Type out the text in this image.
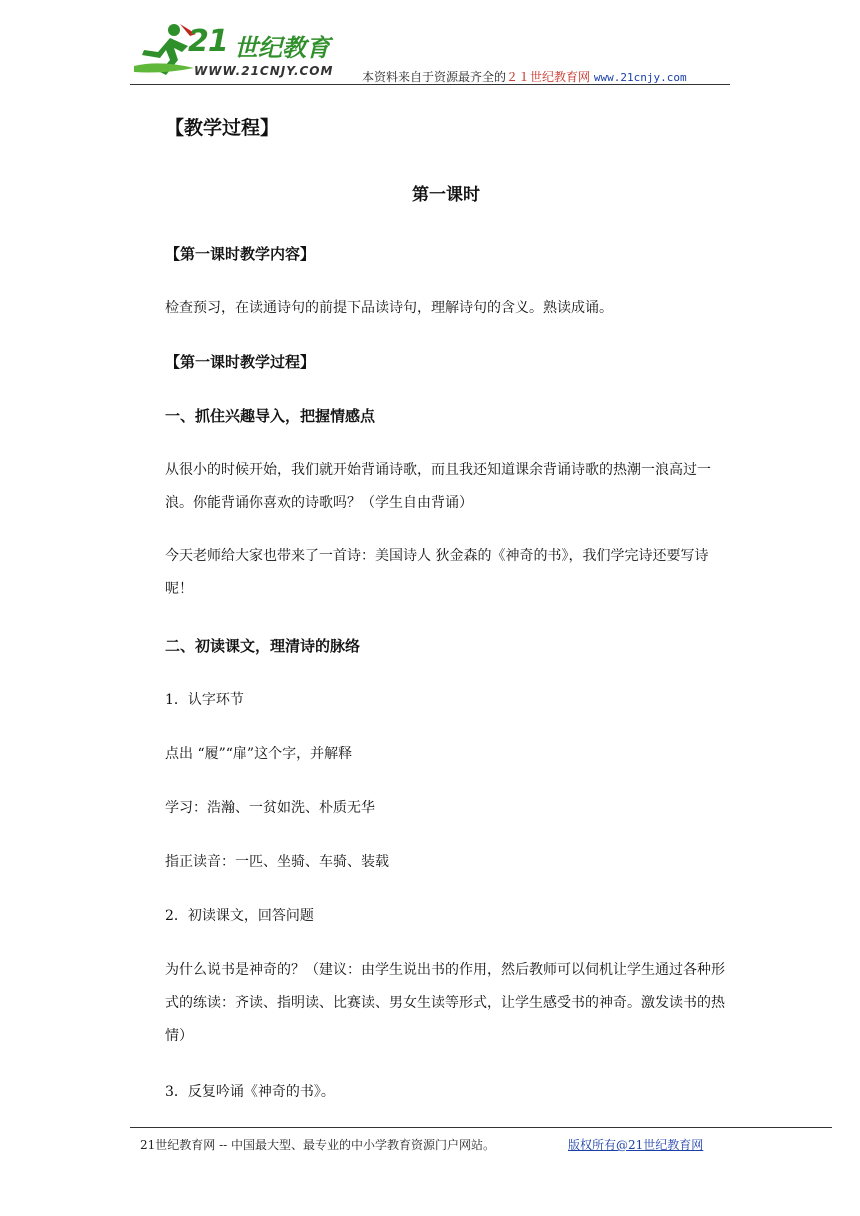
21 世纪教育
WWW.21CNJY.COM 本资料来自于资源最齐全的２１世纪教育网 www.21cnjy.com
【教学过程】
第一课时
【第一课时教学内容】
检查预习，在读通诗句的前提下品读诗句，理解诗句的含义。熟读成诵。
【第一课时教学过程】
一、抓住兴趣导入，把握情感点
从很小的时候开始，我们就开始背诵诗歌，而且我还知道课余背诵诗歌的热潮一浪高过一浪。你能背诵你喜欢的诗歌吗？（学生自由背诵）
今天老师给大家也带来了一首诗：美国诗人 狄金森的《神奇的书》，我们学完诗还要写诗呢！
二、初读课文，理清诗的脉络
1．认字环节
点出 “履”“扉”这个字，并解释
学习：浩瀚、一贫如洗、朴质无华
指正读音：一匹、坐骑、车骑、装载
2．初读课文，回答问题
为什么说书是神奇的？（建议：由学生说出书的作用，然后教师可以伺机让学生通过各种形式的练读：齐读、指明读、比赛读、男女生读等形式，让学生感受书的神奇。激发读书的热情）
3．反复吟诵《神奇的书》。
21世纪教育网 -- 中国最大型、最专业的中小学教育资源门户网站。	版权所有@21世纪教育网
